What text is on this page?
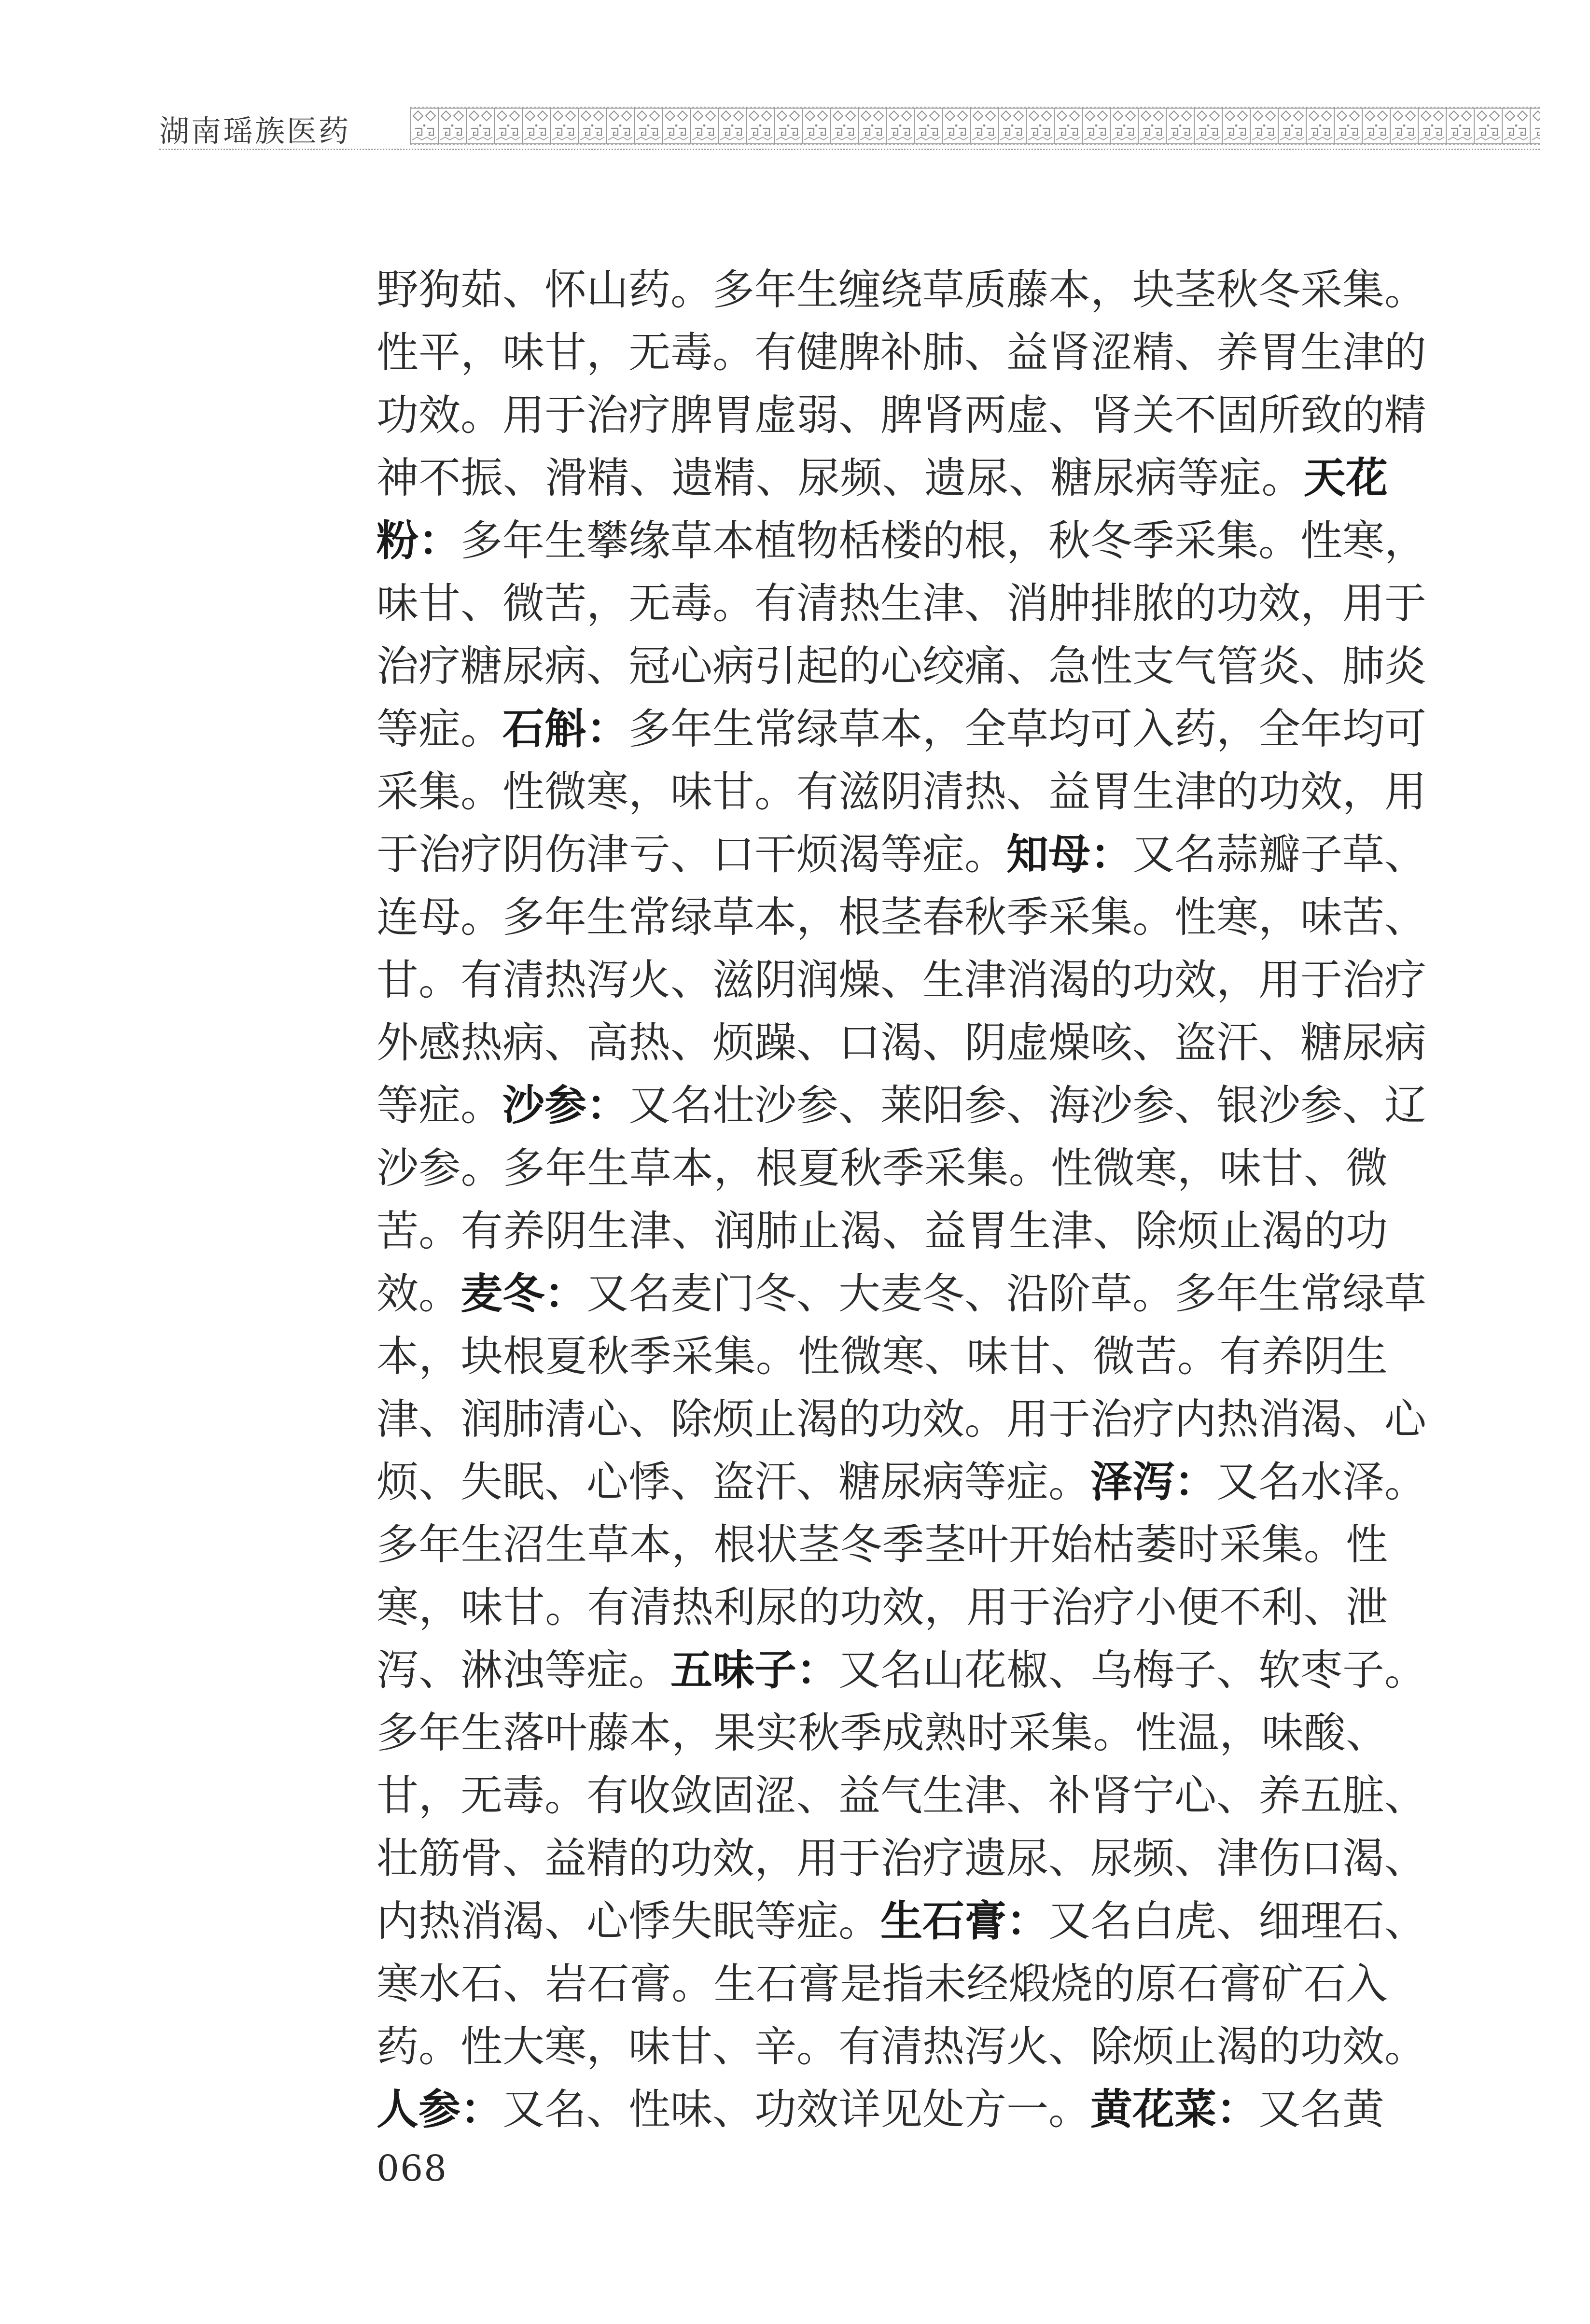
湖南瑶族医药
野狗茹、怀山药。多年生缠绕草质藤本，块茎秋冬采集。
性平，味甘，无毒。有健脾补肺、益肾涩精、养胃生津的
功效。用于治疗脾胃虚弱、脾肾两虚、肾关不固所致的精
神不振、滑精、遗精、尿频、遗尿、糖尿病等症。天花
粉：多年生攀缘草本植物栝楼的根，秋冬季采集。性寒，
味甘、微苦，无毒。有清热生津、消肿排脓的功效，用于
治疗糖尿病、冠心病引起的心绞痛、急性支气管炎、肺炎
等症。石斛：多年生常绿草本，全草均可入药，全年均可
采集。性微寒，味甘。有滋阴清热、益胃生津的功效，用
于治疗阴伤津亏、口干烦渴等症。知母：又名蒜瓣子草、
连母。多年生常绿草本，根茎春秋季采集。性寒，味苦、
甘。有清热泻火、滋阴润燥、生津消渴的功效，用于治疗
外感热病、高热、烦躁、口渴、阴虚燥咳、盗汗、糖尿病
等症。沙参：又名壮沙参、莱阳参、海沙参、银沙参、辽
沙参。多年生草本，根夏秋季采集。性微寒，味甘、微
苦。有养阴生津、润肺止渴、益胃生津、除烦止渴的功
效。麦冬：又名麦门冬、大麦冬、沿阶草。多年生常绿草
本，块根夏秋季采集。性微寒、味甘、微苦。有养阴生
津、润肺清心、除烦止渴的功效。用于治疗内热消渴、心
烦、失眠、心悸、盗汗、糖尿病等症。泽泻：又名水泽。
多年生沼生草本，根状茎冬季茎叶开始枯萎时采集。性
寒，味甘。有清热利尿的功效，用于治疗小便不利、泄
泻、淋浊等症。五味子：又名山花椒、乌梅子、软枣子。
多年生落叶藤本，果实秋季成熟时采集。性温，味酸、
甘，无毒。有收敛固涩、益气生津、补肾宁心、养五脏、
壮筋骨、益精的功效，用于治疗遗尿、尿频、津伤口渴、
内热消渴、心悸失眠等症。生石膏：又名白虎、细理石、
寒水石、岩石膏。生石膏是指未经煅烧的原石膏矿石入
药。性大寒，味甘、辛。有清热泻火、除烦止渴的功效。
人参：又名、性味、功效详见处方一。黄花菜：又名黄
068
